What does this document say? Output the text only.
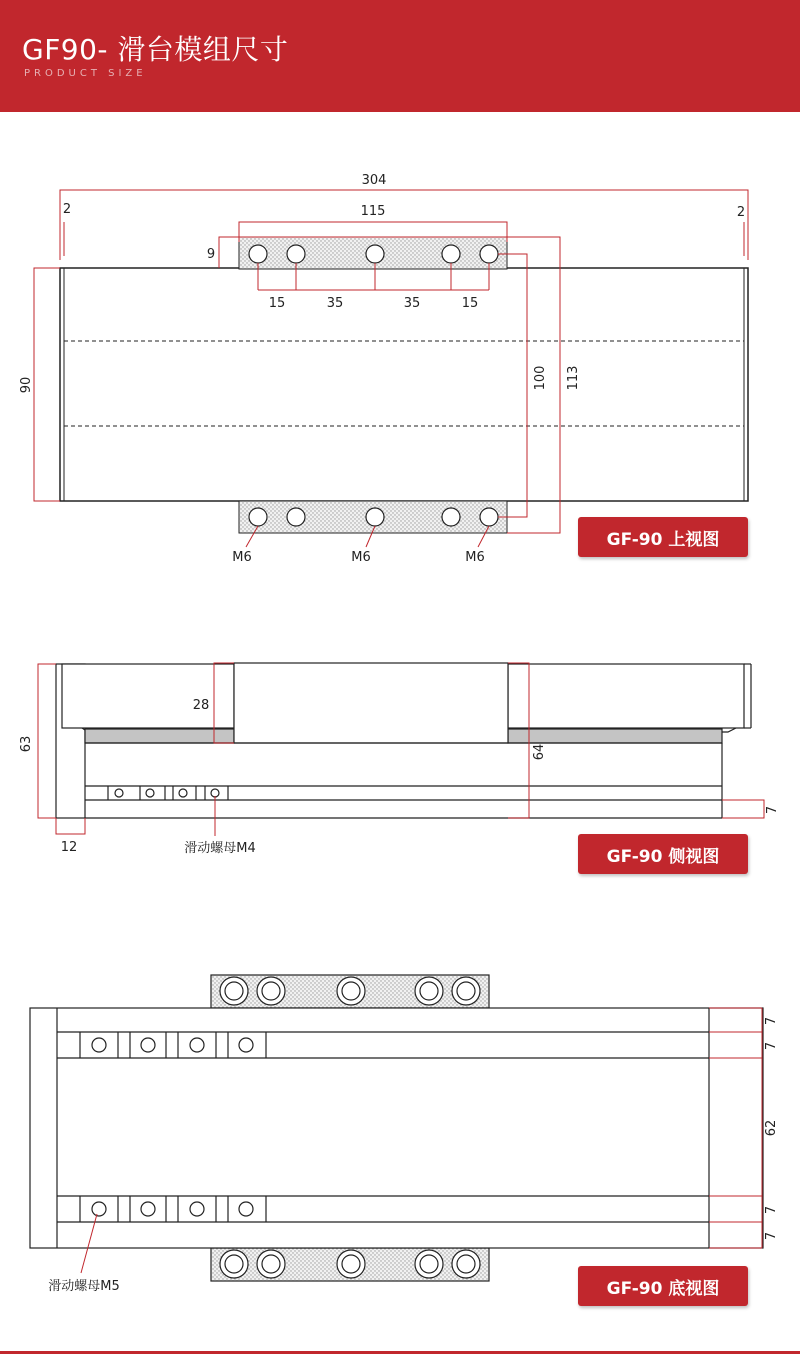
GF90- 滑台模组尺寸
PRODUCT SIZE
304
2	2
115
9
15	35	35	15
90	100 113
M6	M6	M6
63
28
64
7
12	滑动螺母M4
7
7
62
7
7
滑动螺母M5
GF-90 上视图
GF-90 侧视图
GF-90 底视图
